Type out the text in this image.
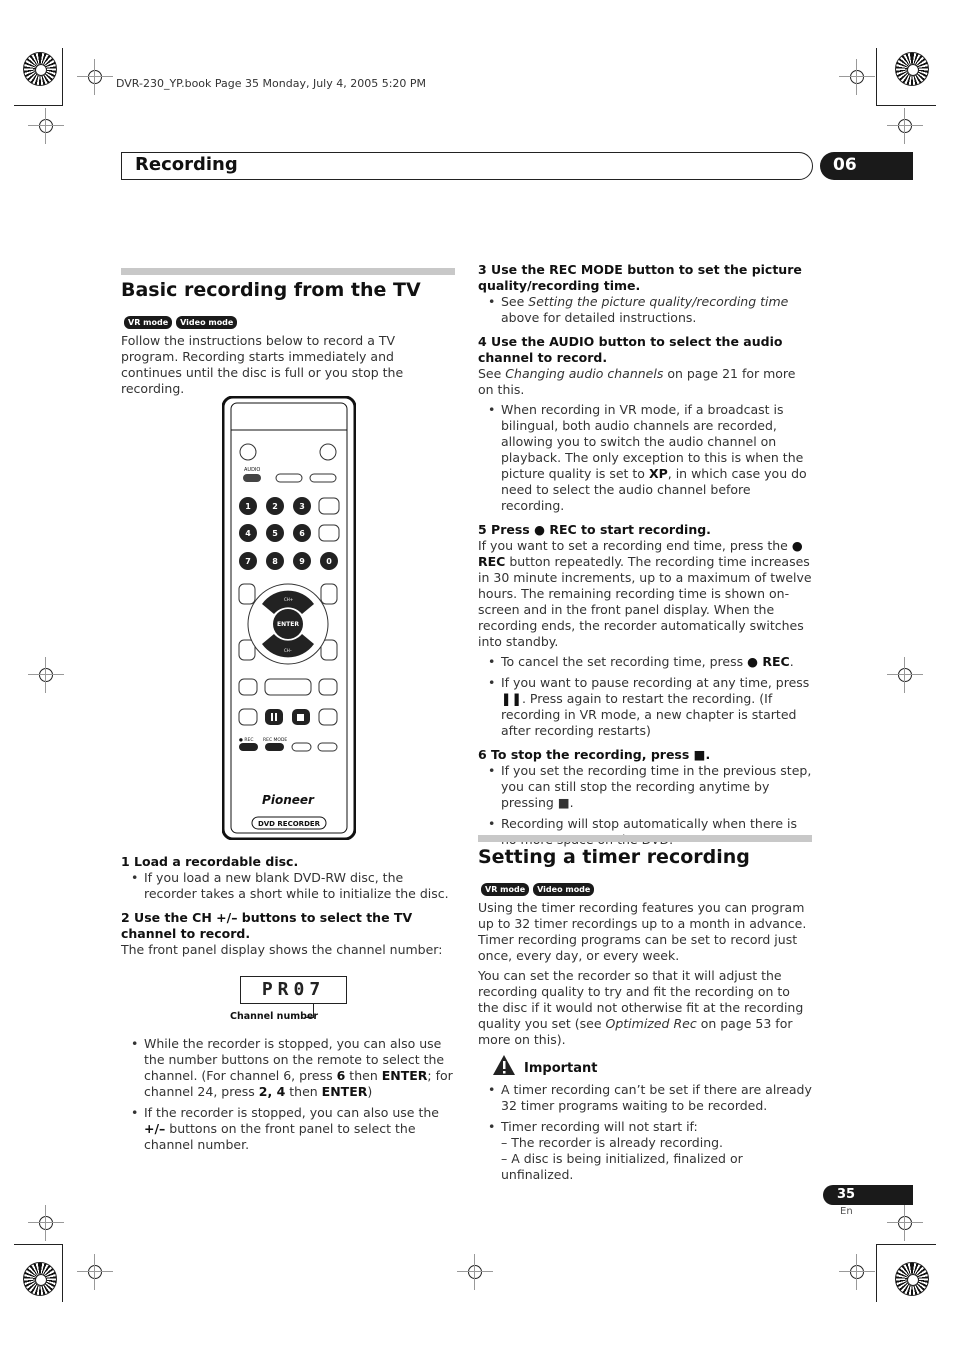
DVR-230_YP.book Page 35 Monday, July 4, 2005 5:20 PM
Recording	06
Basic recording from the TV
VR mode Video mode
Follow the instructions below to record a TV program. Recording starts immediately and continues until the disc is full or you stop the recording.
AUDIO
1	2	3
4	5	6
7	8	9	0
CH+
CH–
ENTER
● REC REC MODE
Pioneer
DVD RECORDER
1 Load a recordable disc.
• If you load a new blank DVD-RW disc, the recorder takes a short while to initialize the disc.
2 Use the CH +/– buttons to select the TV channel to record.
The front panel display shows the channel number:
PR07
Channel number
• While the recorder is stopped, you can also use the number buttons on the remote to select the channel. (For channel 6, press 6 then ENTER; for channel 24, press 2, 4 then ENTER)
• If the recorder is stopped, you can also use the +/– buttons on the front panel to select the channel number.
3 Use the REC MODE button to set the picture quality/recording time.
• See Setting the picture quality/recording time above for detailed instructions.
4 Use the AUDIO button to select the audio channel to record.
See Changing audio channels on page 21 for more on this.
• When recording in VR mode, if a broadcast is bilingual, both audio channels are recorded, allowing you to switch the audio channel on playback. The only exception to this is when the picture quality is set to XP, in which case you do need to select the audio channel before recording.
5 Press ● REC to start recording.
If you want to set a recording end time, press the ● REC button repeatedly. The recording time increases in 30 minute increments, up to a maximum of twelve hours. The remaining recording time is shown on-screen and in the front panel display. When the recording ends, the recorder automatically switches into standby.
• To cancel the set recording time, press ● REC.
• If you want to pause recording at any time, press ❚❚. Press again to restart the recording. (If recording in VR mode, a new chapter is started after recording restarts)
6 To stop the recording, press ■.
• If you set the recording time in the previous step, you can still stop the recording anytime by pressing ■.
• Recording will stop automatically when there is
Setting a timer recording
VR mode Video mode
Using the timer recording features you can program up to 32 timer recordings up to a month in advance. Timer recording programs can be set to record just once, every day, or every week.
You can set the recorder so that it will adjust the recording quality to try and fit the recording on to the disc if it would not otherwise fit at the recording quality you set (see Optimized Rec on page 53 for more on this).
Important
• A timer recording can’t be set if there are already 32 timer programs waiting to be recorded.
• Timer recording will not start if:
– The recorder is already recording.
– A disc is being initialized, finalized or unfinalized.
35
En
